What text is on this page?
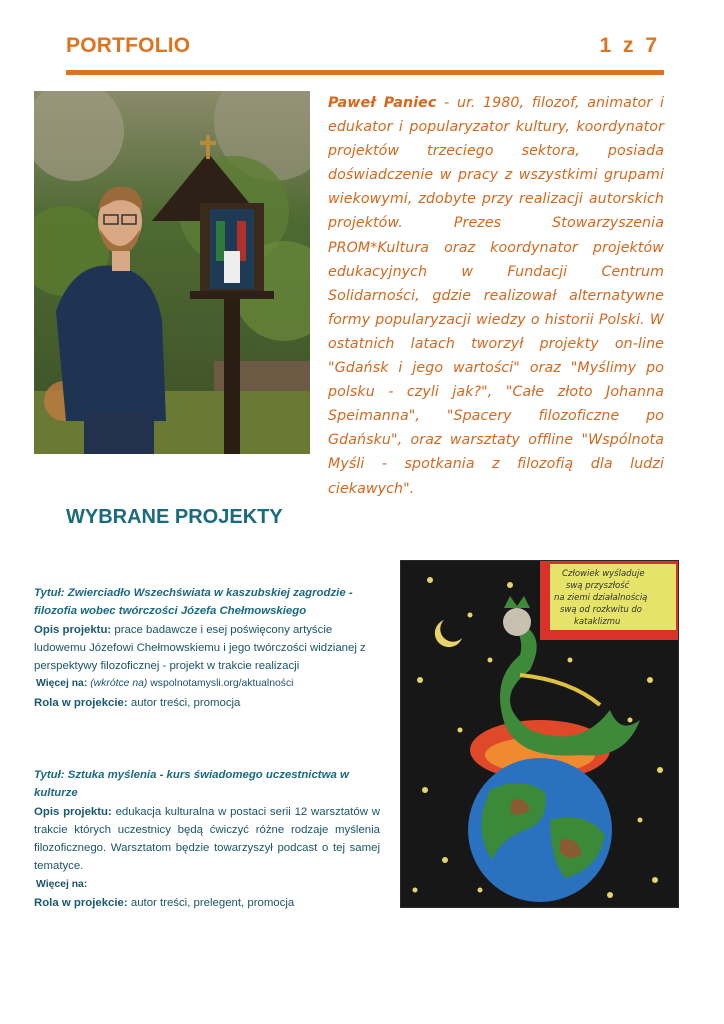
PORTFOLIO	1 z 7
Paweł Paniec - ur. 1980, filozof, animator i edukator i popularyzator kultury, koordynator projektów trzeciego sektora, posiada doświadczenie w pracy z wszystkimi grupami wiekowymi, zdobyte przy realizacji autorskich projektów. Prezes Stowarzyszenia PROM*Kultura oraz koordynator projektów edukacyjnych w Fundacji Centrum Solidarności, gdzie realizował alternatywne formy popularyzacji wiedzy o historii Polski. W ostatnich latach tworzył projekty on-line "Gdańsk i jego wartości" oraz "Myślimy po polsku - czyli jak?", "Całe złoto Johanna Speimanna", "Spacery filozoficzne po Gdańsku", oraz warsztaty offline "Wspólnota Myśli - spotkania z filozofią dla ludzi ciekawych".
WYBRANE PROJEKTY
Tytuł: Zwierciadło Wszechświata w kaszubskiej zagrodzie - filozofia wobec twórczości Józefa Chełmowskiego
Opis projektu: prace badawcze i esej poświęcony artyście ludowemu Józefowi Chełmowskiemu i jego twórczości widzianej z perspektywy filozoficznej - projekt w trakcie realizacji
Więcej na: (wkrótce na) wspolnotamysli.org/aktualności
Rola w projekcie: autor treści, promocja
Tytuł: Sztuka myślenia - kurs świadomego uczestnictwa w kulturze
Opis projektu: edukacja kulturalna w postaci serii 12 warsztatów w trakcie których uczestnicy będą ćwiczyć różne rodzaje myślenia filozoficznego. Warsztatom będzie towarzyszył podcast o tej samej tematyce.
Więcej na:
Rola w projekcie: autor treści, prelegent, promocja
Człowiek wyśladuje
swą przyszłość
na ziemi działalnością
swą od rozkwitu do
kataklizmu
